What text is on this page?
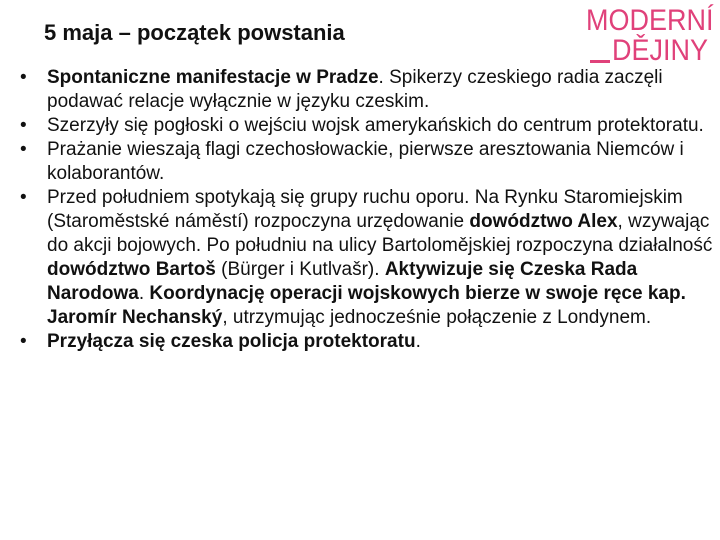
5 maja – początek powstania	MODERNÍ
DĚJINY
• Spontaniczne manifestacje w Pradze. Spikerzy czeskiego radia zaczęli podawać relacje wyłącznie w języku czeskim.
• Szerzyły się pogłoski o wejściu wojsk amerykańskich do centrum protektoratu.
• Prażanie wieszają flagi czechosłowackie, pierwsze aresztowania Niemców i kolaborantów.
• Przed południem spotykają się grupy ruchu oporu. Na Rynku Staromiejskim (Staroměstské náměstí) rozpoczyna urzędowanie dowództwo Alex, wzywając do akcji bojowych. Po południu na ulicy Bartolomějskiej rozpoczyna działalność dowództwo Bartoš (Bürger i Kutlvašr). Aktywizuje się Czeska Rada Narodowa. Koordynację operacji wojskowych bierze w swoje ręce kap. Jaromír Nechanský, utrzymując jednocześnie połączenie z Londynem.
• Przyłącza się czeska policja protektoratu.
